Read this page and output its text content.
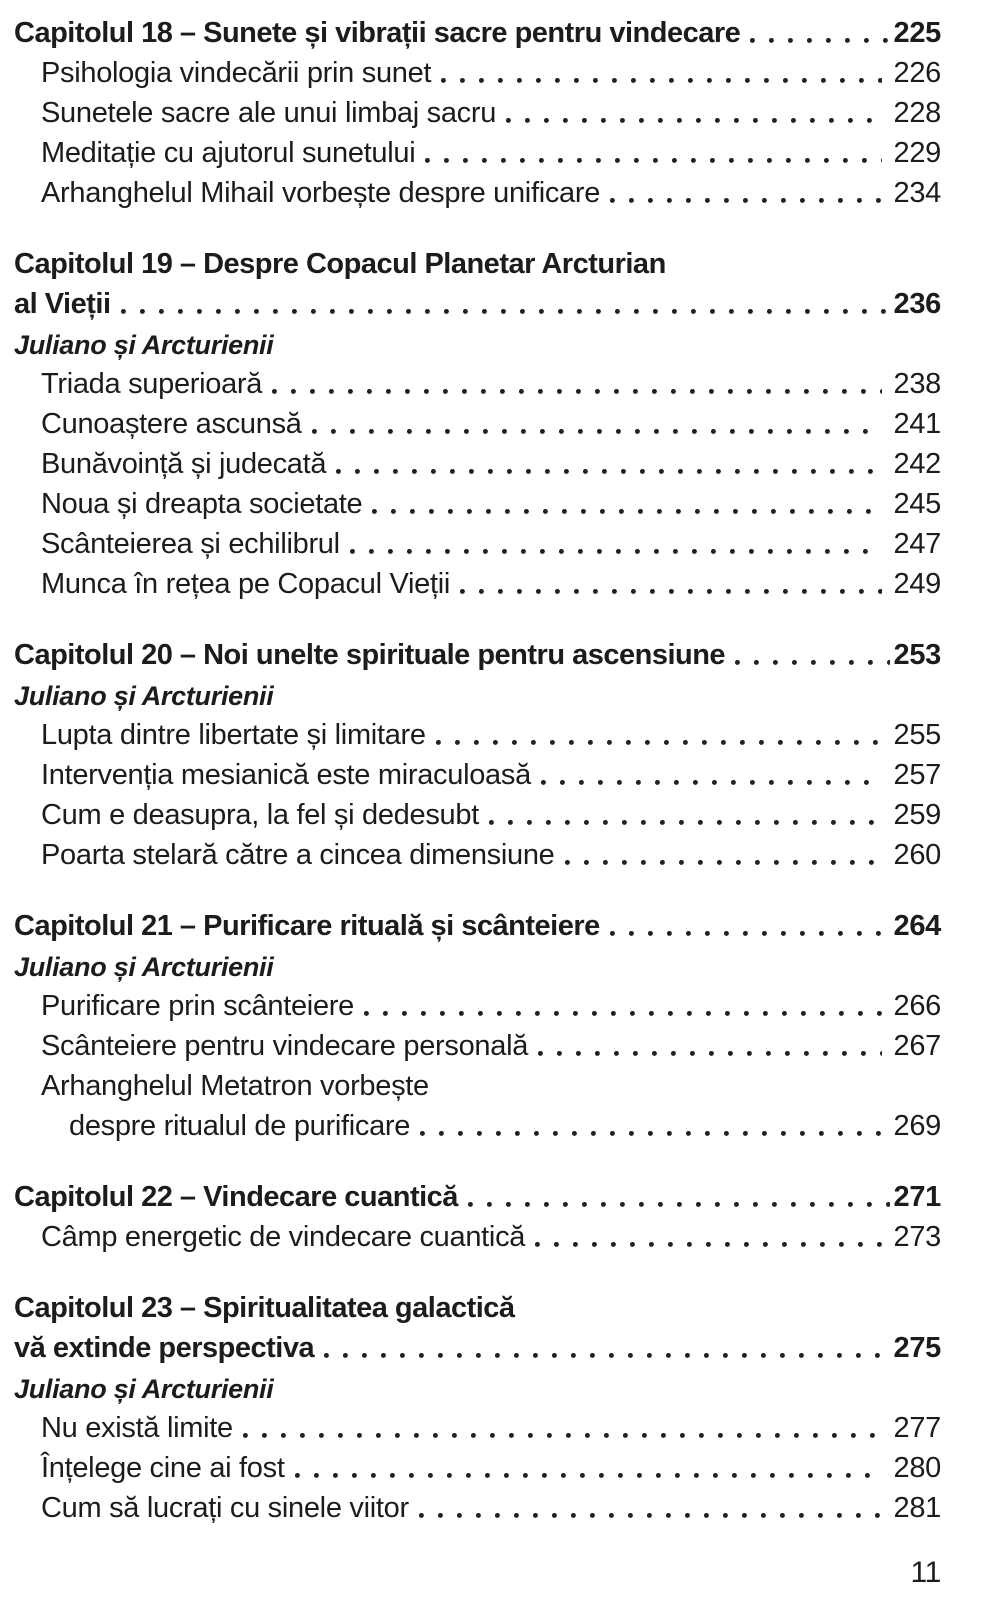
Capitolul 18 – Sunete și vibrații sacre pentru vindecare	225
Psihologia vindecării prin sunet	226
Sunetele sacre ale unui limbaj sacru	228
Meditație cu ajutorul sunetului	229
Arhanghelul Mihail vorbește despre unificare	234
Capitolul 19 – Despre Copacul Planetar Arcturian
al Vieții	236
Juliano și Arcturienii
Triada superioară	238
Cunoaștere ascunsă	241
Bunăvoință și judecată	242
Noua și dreapta societate	245
Scânteierea și echilibrul	247
Munca în rețea pe Copacul Vieții	249
Capitolul 20 – Noi unelte spirituale pentru ascensiune	253
Juliano și Arcturienii
Lupta dintre libertate și limitare	255
Intervenția mesianică este miraculoasă	257
Cum e deasupra, la fel și dedesubt	259
Poarta stelară către a cincea dimensiune	260
Capitolul 21 – Purificare rituală și scânteiere	264
Juliano și Arcturienii
Purificare prin scânteiere	266
Scânteiere pentru vindecare personală	267
Arhanghelul Metatron vorbește
despre ritualul de purificare	269
Capitolul 22 – Vindecare cuantică	271
Câmp energetic de vindecare cuantică	273
Capitolul 23 – Spiritualitatea galactică
vă extinde perspectiva	275
Juliano și Arcturienii
Nu există limite	277
Înțelege cine ai fost	280
Cum să lucrați cu sinele viitor	281
11
